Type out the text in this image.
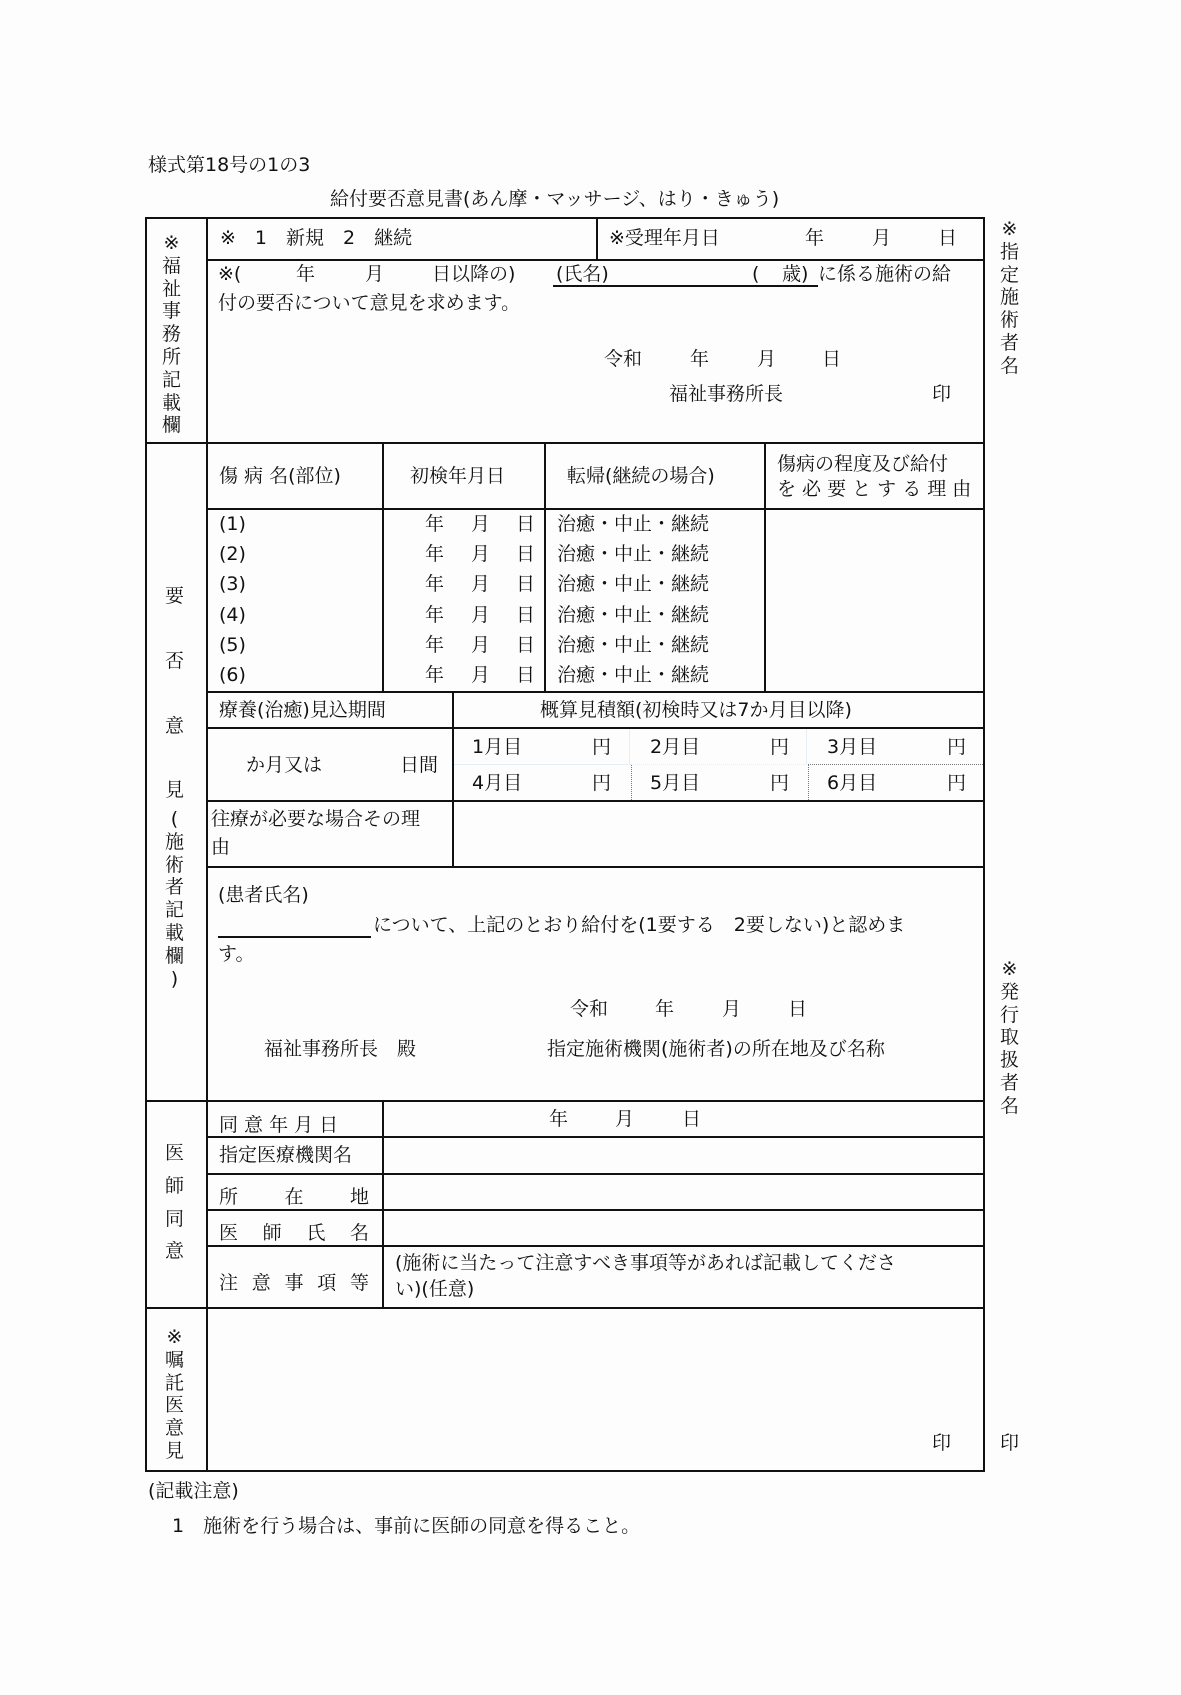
様式第18号の1の3
給付要否意見書(あん摩・マッサージ、はり・きゅう)
※
福
祉
事
務
所
記
載
欄
※　1　新規　2　継続	※受理年月日	年	月 日
※(	年	月	日以降の) (氏名)	( 歳) に係る施術の給
付の要否について意見を求めます。
令和	年	月 日
福祉事務所長	印
要
否
意
見
(
施
術
者
記
載
欄
)
傷 病 名(部位)	初検年月日	転帰(継続の場合)
傷病の程度及び給付
を 必 要 と す る 理 由
(1)	年 月 日 治癒・中止・継続
(2)	年 月 日 治癒・中止・継続
(3)	年 月 日 治癒・中止・継続
(4)	年 月 日 治癒・中止・継続
(5)	年 月 日 治癒・中止・継続
(6)	年 月 日 治癒・中止・継続
療養(治癒)見込期間	概算見積額(初検時又は7か月目以降)
か月又は	日間
1月目	円 2月目	円 3月目	円
4月目	円 5月目	円 6月目	円
往療が必要な場合その理
由
(患者氏名)
について、上記のとおり給付を(1要する　2要しない)と認めま
す。
令和 年	月 日
福祉事務所長　殿	指定施術機関(施術者)の所在地及び名称
医
師
同
意
同 意 年 月 日	年 月	日
指定医療機関名
所 在 地
医 師 氏 名
注 意 事 項 等
(施術に当たって注意すべき事項等があれば記載してくださ
い)(任意)
※
嘱
託
医
意
見	印
※
指
定
施
術
者
名
※
発
行
取
扱
者
名
印
(記載注意)
1　施術を行う場合は、事前に医師の同意を得ること。
